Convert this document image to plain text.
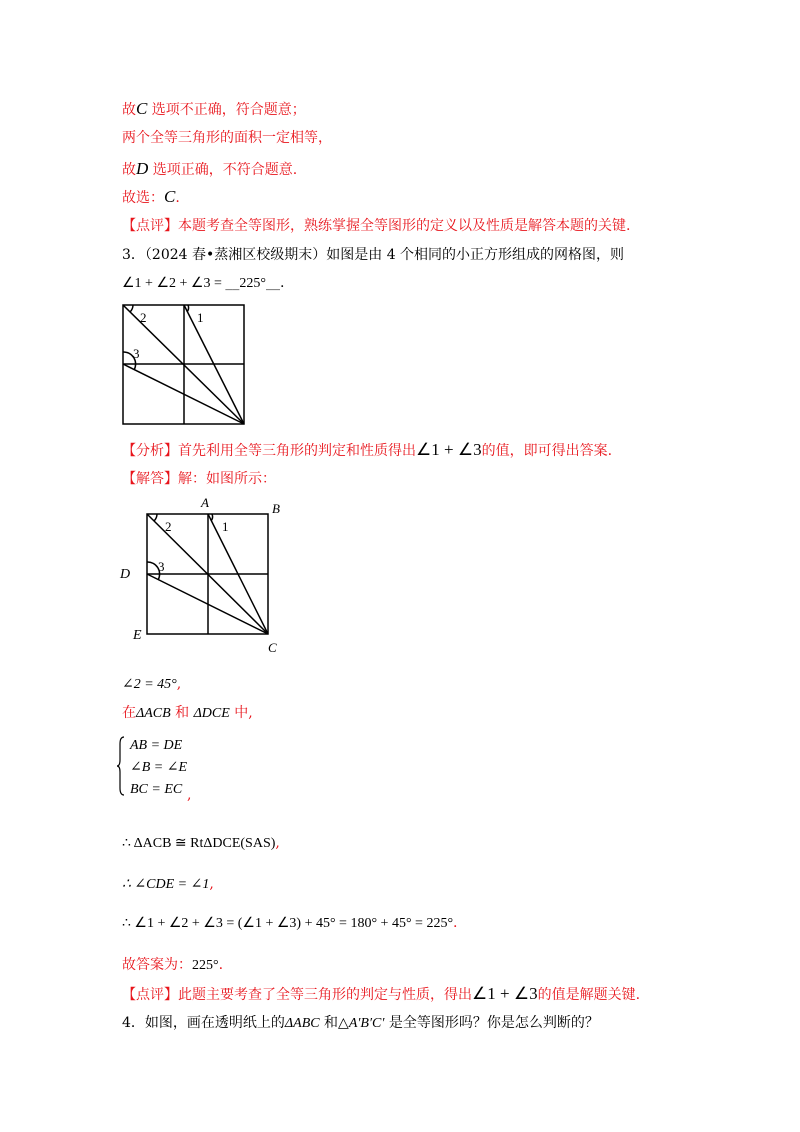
故C 选项不正确，符合题意；
两个全等三角形的面积一定相等，
故D 选项正确，不符合题意.
故选：C.
【点评】本题考查全等图形，熟练掌握全等图形的定义以及性质是解答本题的关键.
3．（2024 春•蒸湘区校级期末）如图是由 4 个相同的小正方形组成的网格图，则
∠1 + ∠2 + ∠3 = __225°__.
2	1
3
【分析】首先利用全等三角形的判定和性质得出∠1 + ∠3的值，即可得出答案.
【解答】解：如图所示：
A	B
2	1
3
C
D
E
∠2 = 45°,
在ΔACB 和 ΔDCE 中,
AB = DE
∠B = ∠E
BC = EC ,
∴ ΔACB ≅ RtΔDCE(SAS),
∴ ∠CDE = ∠1,
∴ ∠1 + ∠2 + ∠3 = (∠1 + ∠3) + 45° = 180° + 45° = 225°.
故答案为：225°.
【点评】此题主要考查了全等三角形的判定与性质，得出∠1 + ∠3的值是解题关键.
4．如图，画在透明纸上的ΔABC 和△A′B′C′ 是全等图形吗？你是怎么判断的？
